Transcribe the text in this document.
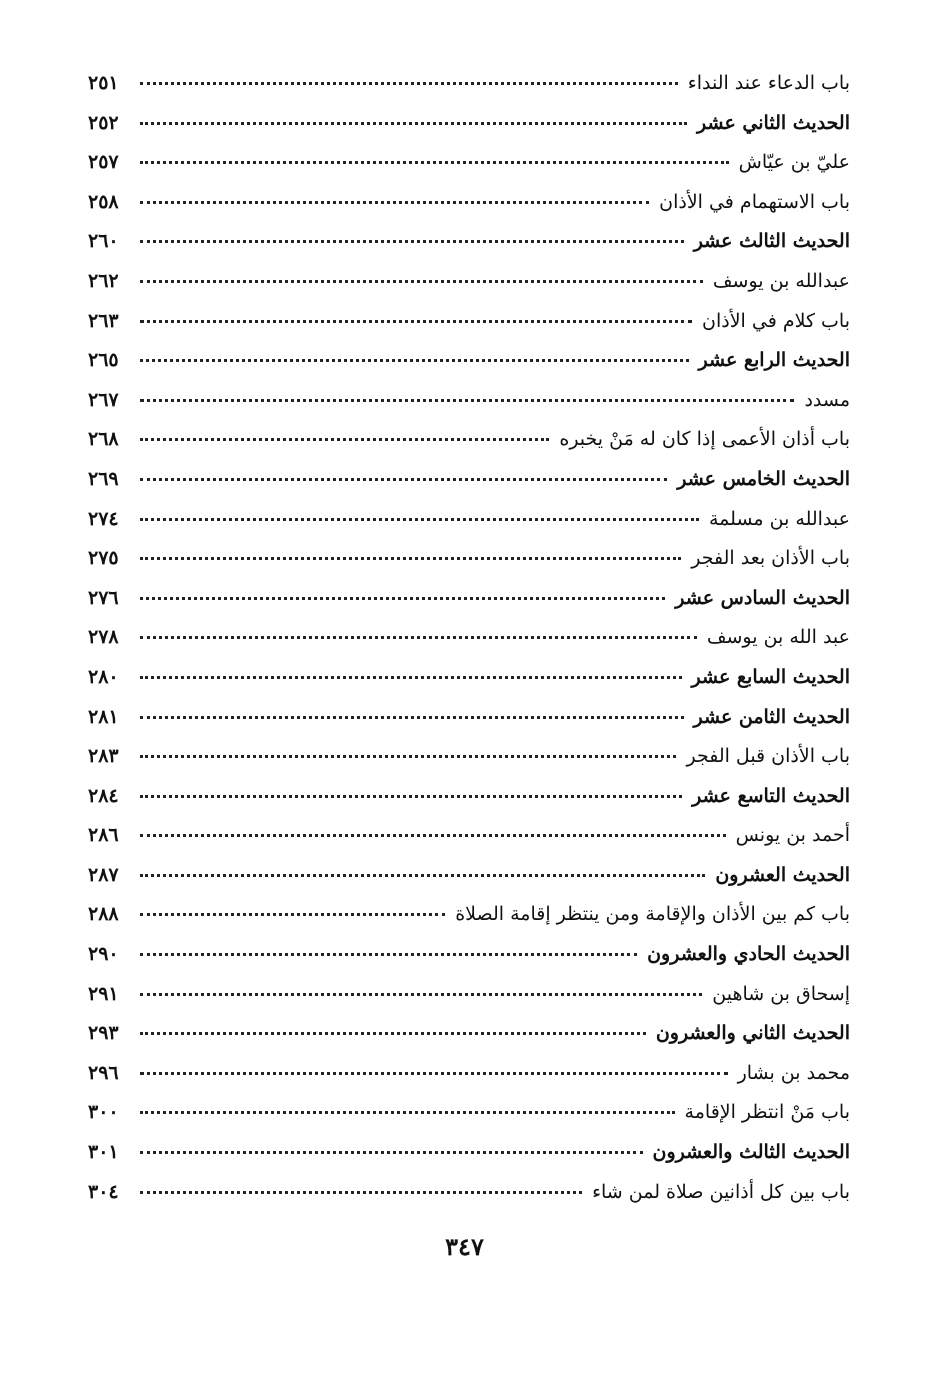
باب الدعاء عند النداء
٢٥١
الحديث الثاني عشر
٢٥٢
عليّ بن عيّاش
٢٥٧
باب الاستهمام في الأذان
٢٥٨
الحديث الثالث عشر
٢٦٠
عبدالله بن يوسف
٢٦٢
باب كلام في الأذان
٢٦٣
الحديث الرابع عشر
٢٦٥
مسدد
٢٦٧
باب أذان الأعمى إذا كان له مَنْ يخبره
٢٦٨
الحديث الخامس عشر
٢٦٩
عبدالله بن مسلمة
٢٧٤
باب الأذان بعد الفجر
٢٧٥
الحديث السادس عشر
٢٧٦
عبد الله بن يوسف
٢٧٨
الحديث السابع عشر
٢٨٠
الحديث الثامن عشر
٢٨١
باب الأذان قبل الفجر
٢٨٣
الحديث التاسع عشر
٢٨٤
أحمد بن يونس
٢٨٦
الحديث العشرون
٢٨٧
باب كم بين الأذان والإقامة ومن ينتظر إقامة الصلاة
٢٨٨
الحديث الحادي والعشرون
٢٩٠
إسحاق بن شاهين
٢٩١
الحديث الثاني والعشرون
٢٩٣
محمد بن بشار
٢٩٦
باب مَنْ انتظر الإقامة
٣٠٠
الحديث الثالث والعشرون
٣٠١
باب بين كل أذانين صلاة لمن شاء
٣٠٤
٣٤٧
